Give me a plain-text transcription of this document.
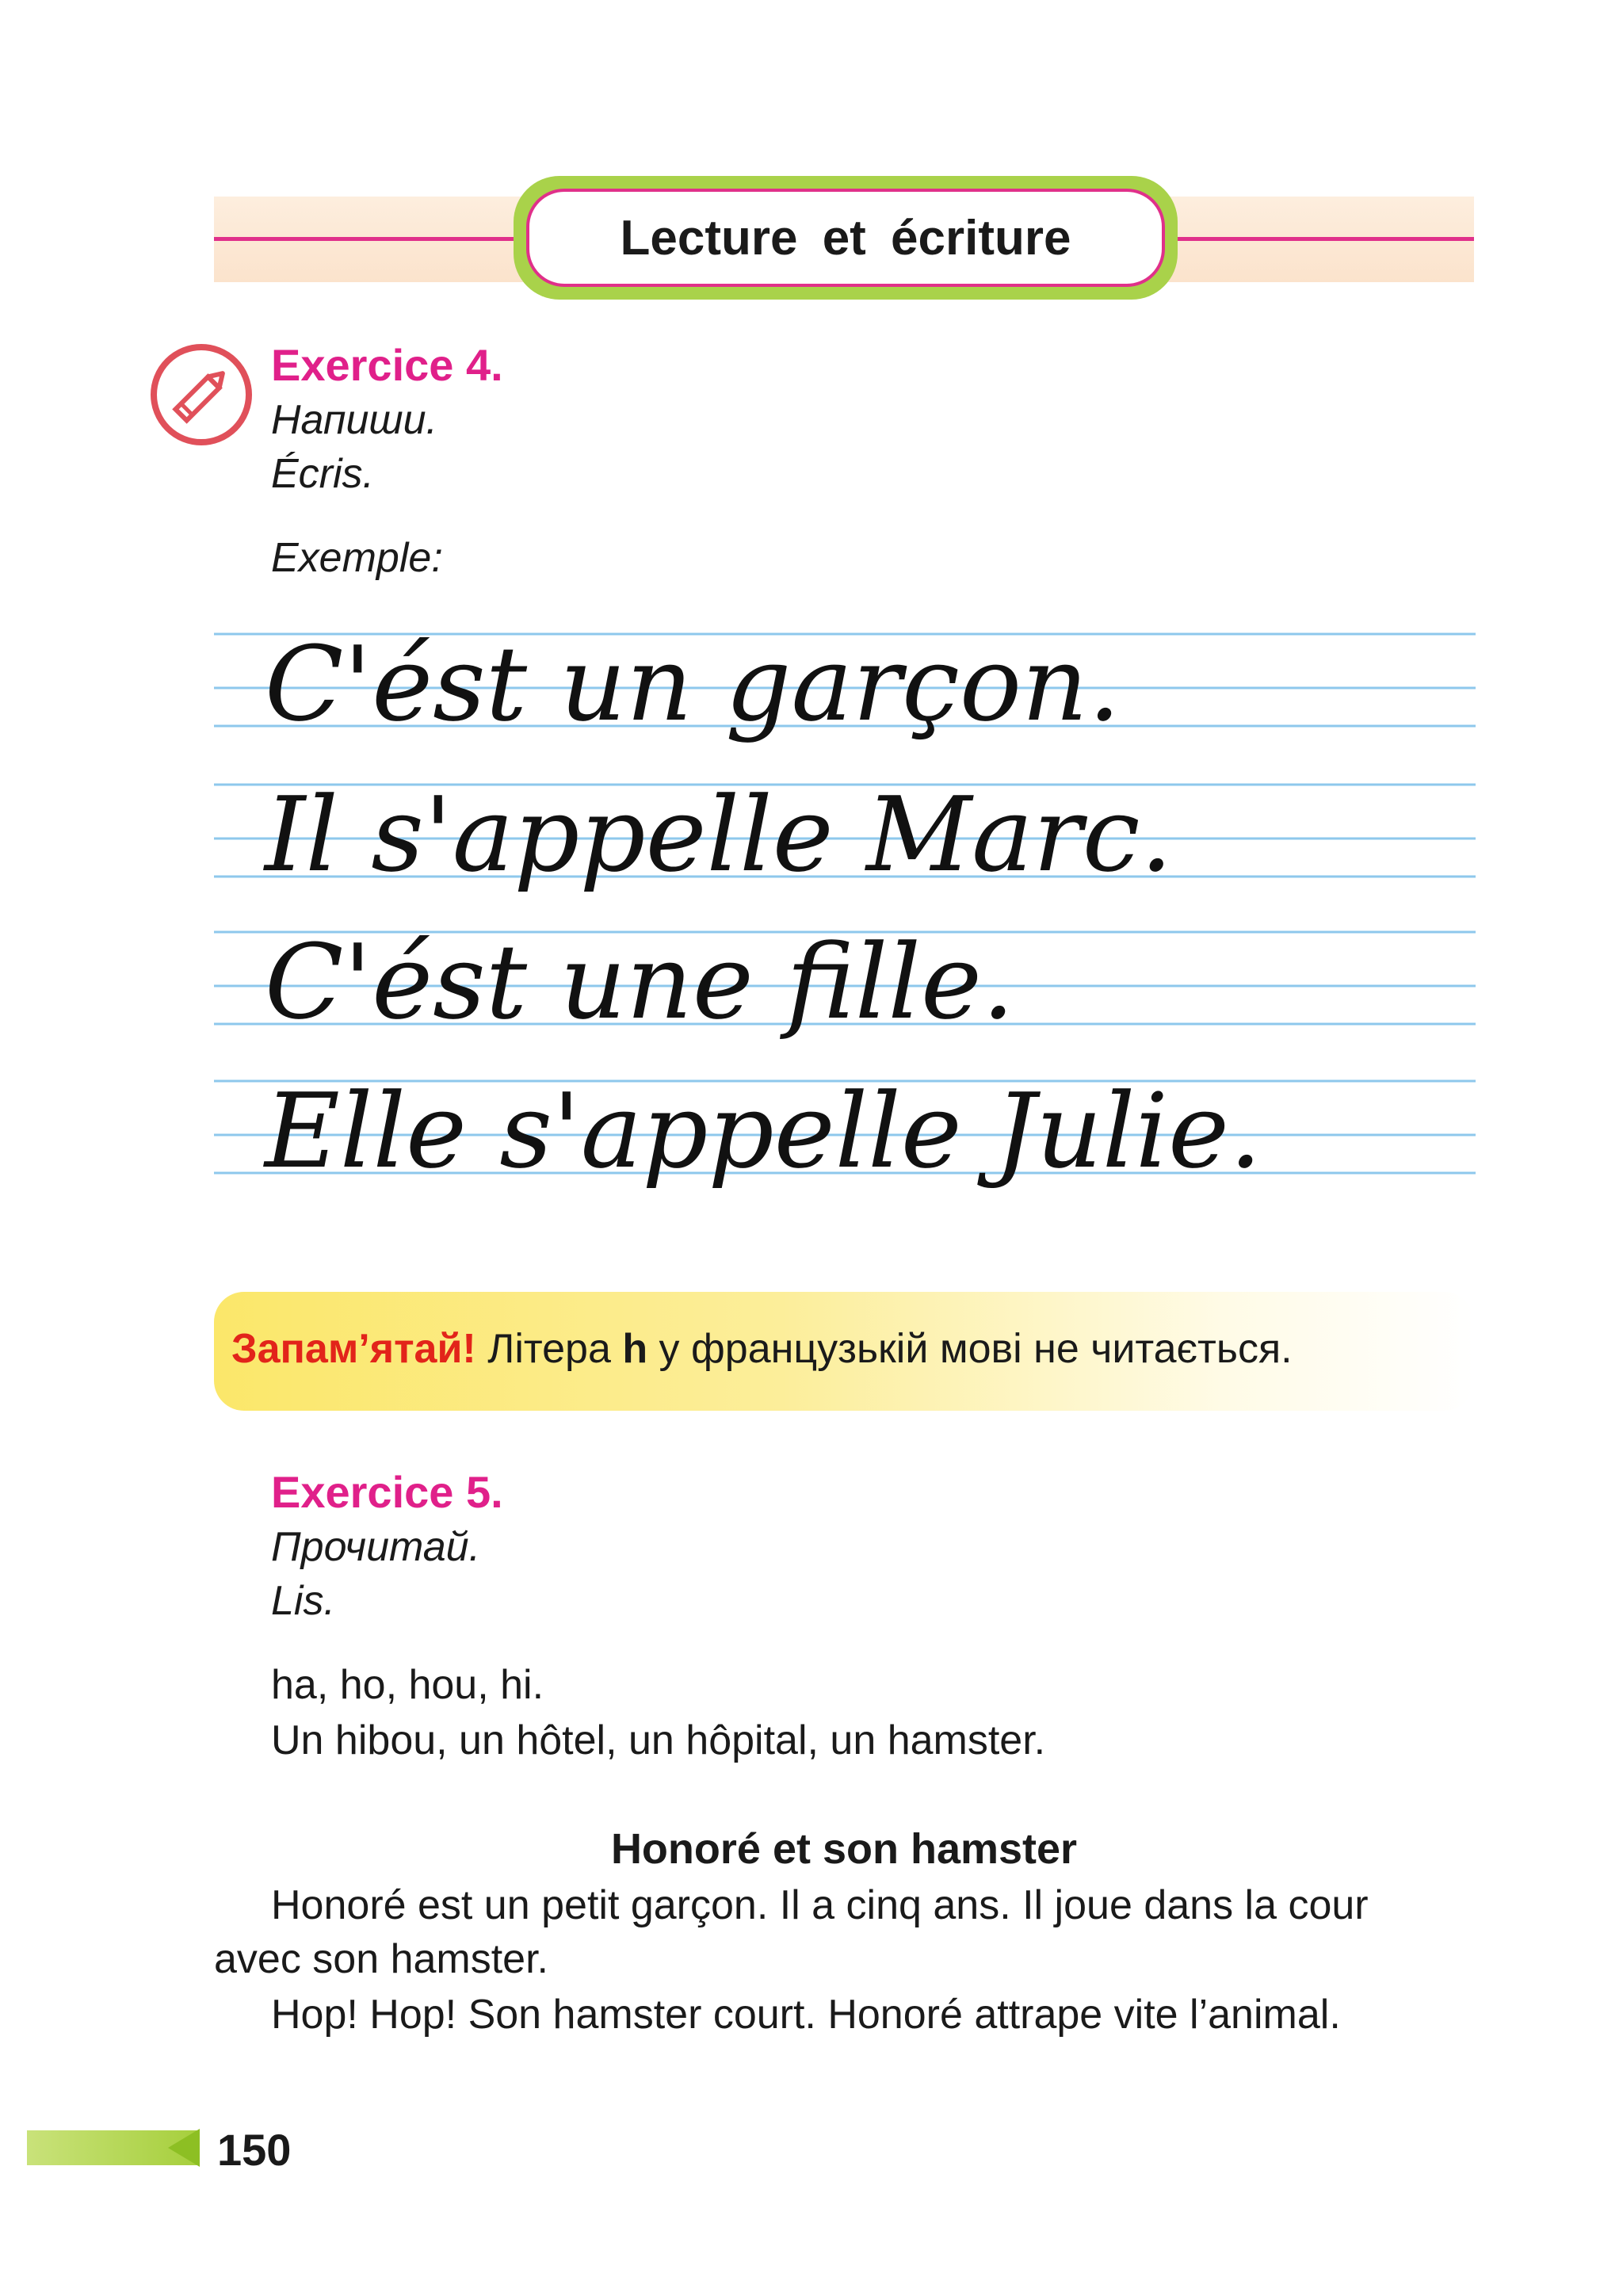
Lecture et écriture
Exercice 4.
Напиши.
Écris.
Exemple:
C'ést un garçon.
Il s'appelle Marc.
C'ést une fille.
Elle s'appelle Julie.
Запам’ятай! Літера h у французькій мові не читається.
Exercice 5.
Прочитай.
Lis.
ha, ho, hou, hi.
Un hibou, un hôtel, un hôpital, un hamster.
Honoré et son hamster
Honoré est un petit garçon. Il a cinq ans. Il joue dans la cour
avec son hamster.
Hop! Hop! Son hamster court. Honoré attrape vite l’animal.
150
